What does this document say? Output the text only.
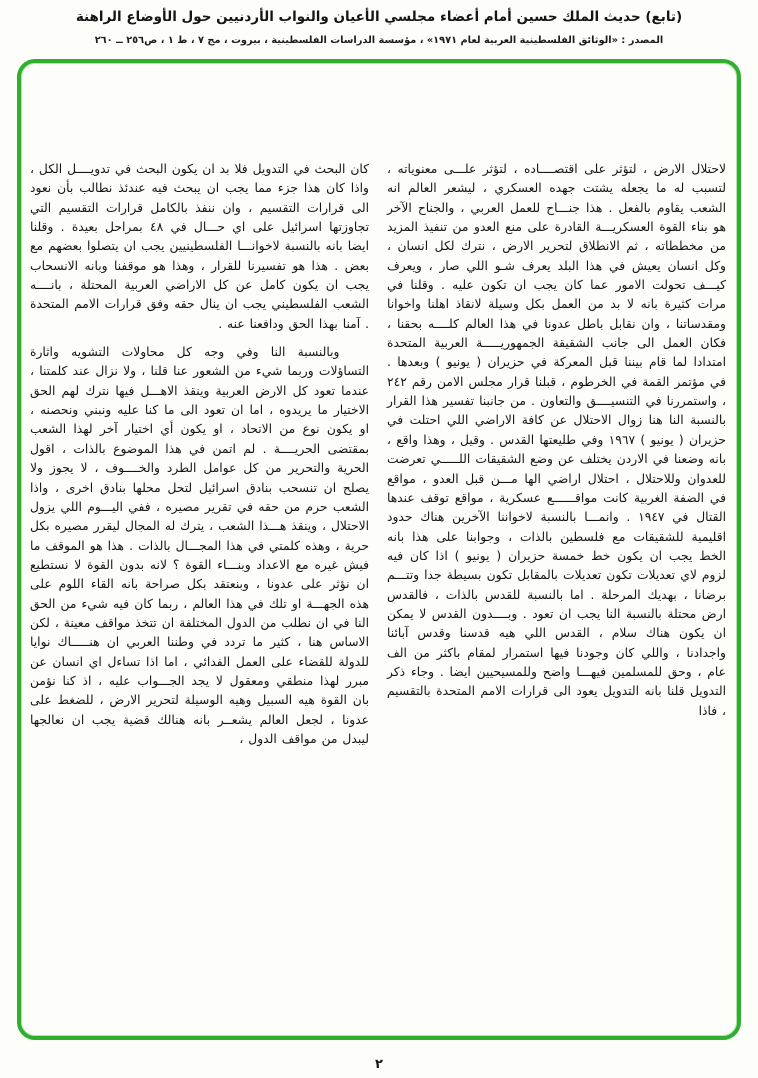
(تابع) حديث الملك حسين أمام أعضاء مجلسي الأعيان والنواب الأردنيين حول الأوضاع الراهنة
المصدر : «الوثائق الفلسطينية العربية لعام ١٩٧١» ، مؤسسة الدراسات الفلسطينية ، بيروت ، مج ٧ ، ط ١ ، ص٢٥٦ ــ ٢٦٠

لاحتلال الارض ، لتؤثر على اقتصــــاده ، لتؤثر علـــى معنوياته ، لتسبب له ما يجعله يشتت جهده العسكري ، ليشعر العالم انه الشعب يقاوم بالفعل . هذا جنـــاح للعمل العربي ، والجناح الآخر هو بناء القوة العسكريـــة القادرة على منع العدو من تنفيذ المزيد من مخططاته ، ثم الانطلاق لتحرير الارض ، نترك لكل انسان ، وكل انسان يعيش في هذا البلد يعرف شـو اللي صار ، ويعرف كيـــف تحولت الامور عما كان يجب ان تكون عليه . وقلنا في مرات كثيرة بانه لا بد من العمل بكل وسيلة لانقاذ اهلنا واخوانا ومقدساتنا ، وان نقابل باطل عدونا في هذا العالم كلــــه بحقنا ، فكان العمل الى جانب الشقيقة الجمهوريـــــة العربية المتحدة امتدادا لما قام بيننا قبل المعركة في حزيران ( يونيو ) وبعدها . في مؤتمر القمة في الخرطوم ، قبلنا قرار مجلس الامن رقم ٢٤٢ ، واستمررنا في التنسيــــق والتعاون . من جانبنا تفسير هذا القرار بالنسبة النا هنا زوال الاحتلال عن كافة الاراضي اللي احتلت في حزيران ( يونيو ) ١٩٦٧ وفي طليعتها القدس . وقيل ، وهذا واقع ، بانه وضعنا في الاردن يختلف عن وضع الشقيقات اللـــــي تعرضت للعدوان وللاحتلال ، احتلال اراضي الها مـــن قبل العدو ، مواقع في الضفة الغربية كانت مواقــــــع عسكرية ، مواقع توقف عندها القتال في ١٩٤٧ . وانمـــا بالنسبة لاخواننا الآخرين هناك حدود اقليمية للشقيقات مع فلسطين بالذات ، وجوابنا على هذا بانه الخط يجب ان يكون خط خمسة حزيران ( يونيو ) اذا كان فيه لزوم لاي تعديلات تكون تعديلات بالمقابل تكون بسيطة جدا وتتـــم برضانا ، بهديك المرحلة . اما بالنسبة للقدس بالذات ، فالقدس ارض محتلة بالنسبة النا يجب ان تعود . وبــــدون القدس لا يمكن ان يكون هناك سلام ، القدس اللي هيه قدسنا وقدس آبائنا واجدادنا ، واللي كان وجودنا فيها استمرار لمقام باكثر من الف عام ، وحق للمسلمين فيهـــا واضح وللمسيحيين ايضا . وجاء ذكر التدويل قلنا بانه التدويل يعود الى قرارات الامم المتحدة بالتقسيم ، فاذا

كان البحث في التدويل فلا بد ان يكون البحث في تدويــــل الكل ، واذا كان هذا جزء مما يجب ان يبحث فيه عندئذ نطالب بأن نعود الى قرارات التقسيم ، وان ننفذ بالكامل قرارات التقسيم التي تجاوزتها اسرائيل على اي حـــال في ٤٨ بمراحل بعيدة . وقلنا ايضا بانه بالنسبة لاخوانـــا الفلسطينيين يجب ان يتصلوا بعضهم مع بعض . هذا هو تفسيرنا للقرار ، وهذا هو موقفنا وبانه الانسحاب يجب ان يكون كامل عن كل الاراضي العربية المحتلة ، بانــــه الشعب الفلسطيني يجب ان ينال حقه وفق قرارات الامم المتحدة . آمنا بهذا الحق ودافعنا عنه .

وبالنسبة النا وفي وجه كل محاولات التشويه واثارة التساؤلات وربما شيء من الشعور عنا قلنا ، ولا نزال عند كلمتنا ، عندما تعود كل الارض العربية وينقذ الاهـــل فيها نترك لهم الحق الاختيار ما يريدوه ، اما ان تعود الى ما كنا عليه ونبني ونحصنه ، او يكون نوع من الاتحاد ، او يكون أي اختيار آخر لهذا الشعب بمقتضى الحريــــة . لم اتمن في هذا الموضوع بالذات ، اقول الحرية والتحرير من كل عوامل الطرد والخــــوف ، لا يجوز ولا يصلح ان تنسحب بنادق اسرائيل لتحل محلها بنادق اخرى ، واذا الشعب حرم من حقه في تقرير مصيره ، ففي اليـــوم اللي يزول الاحتلال ، وينقذ هـــذا الشعب ، يترك له المجال ليقرر مصيره بكل حرية ، وهذه كلمتي في هذا المجـــال بالذات . هذا هو الموقف ما فيش غيره مع الاعداد وبنـــاء القوة ؟ لانه بدون القوة لا نستطيع ان نؤثر على عدونا ، وبنعتقد بكل صراحة بانه القاء اللوم على هذه الجهـــة او تلك في هذا العالم ، ربما كان فيه شيء من الحق النا في ان نطلب من الدول المختلفة ان تتخذ مواقف معينة ، لكن الاساس هنا ، كثير ما تردد في وطننا العربي ان هنـــــاك نوايا للدولة للقضاء على العمل الفدائي ، اما اذا تساءل اي انسان عن مبرر لهذا منطقي ومعقول لا يجد الجـــواب عليه ، اذ كنا نؤمن بان القوة هيه السبيل وهيه الوسيلة لتحرير الارض ، للضغط على عدونا ، لجعل العالم يشعــر بانه هنالك قضية يجب ان نعالجها ليبدل من مواقف الدول ،

٢
